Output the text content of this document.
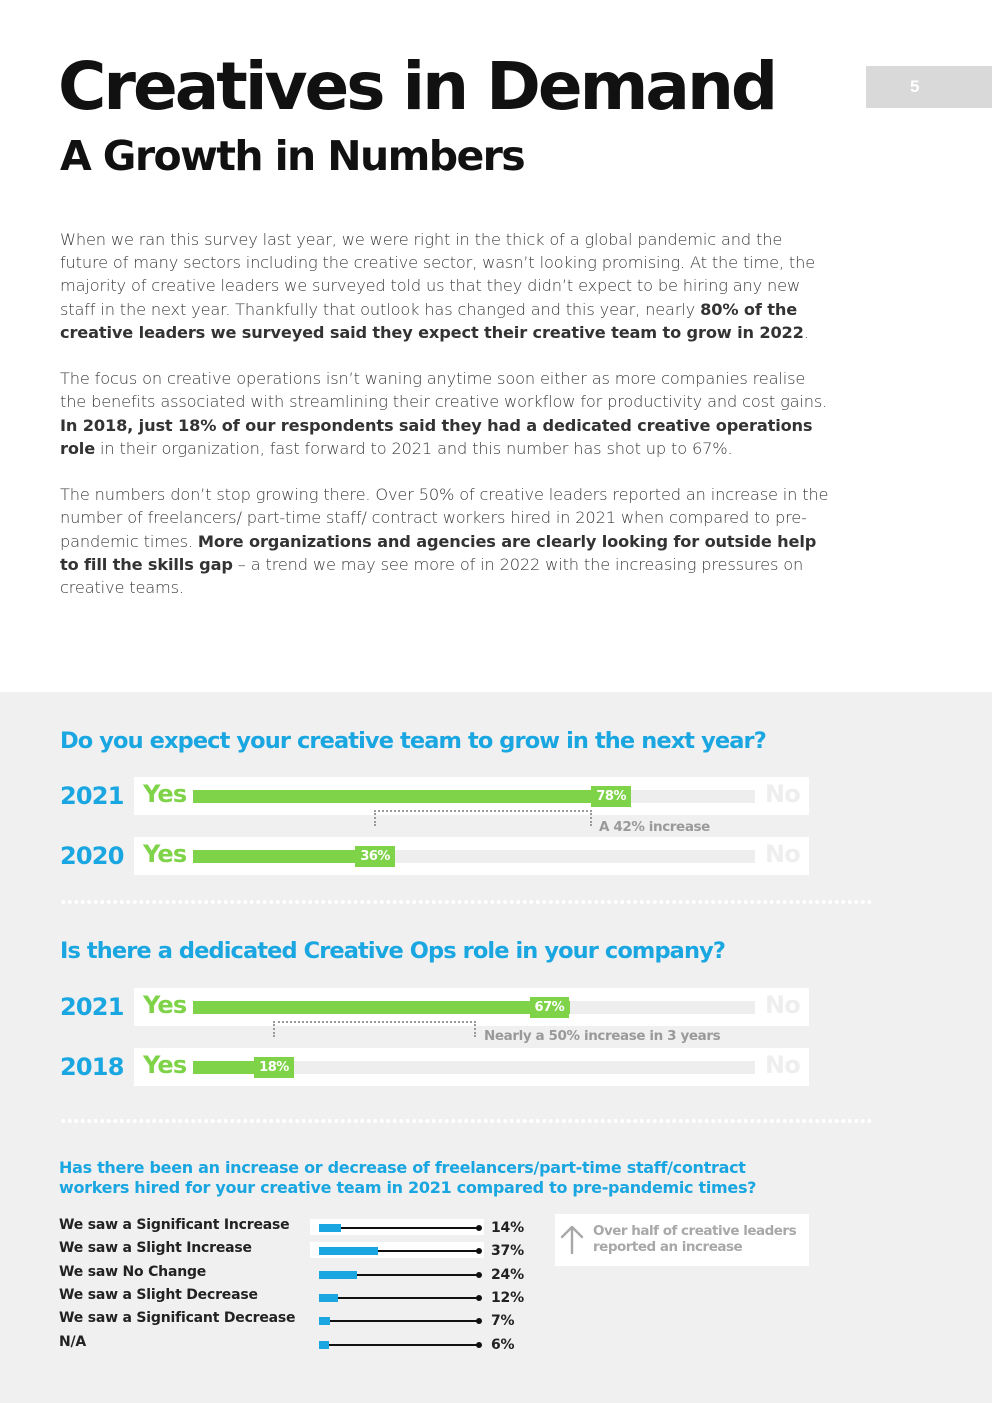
5
Creatives in Demand
A Growth in Numbers

When we ran this survey last year, we were right in the thick of a global pandemic and the future of many sectors including the creative sector, wasn’t looking promising. At the time, the majority of creative leaders we surveyed told us that they didn’t expect to be hiring any new staff in the next year. Thankfully that outlook has changed and this year, nearly 80% of the creative leaders we surveyed said they expect their creative team to grow in 2022.

The focus on creative operations isn’t waning anytime soon either as more companies realise the benefits associated with streamlining their creative workflow for productivity and cost gains. In 2018, just 18% of our respondents said they had a dedicated creative operations role in their organization, fast forward to 2021 and this number has shot up to 67%.

The numbers don’t stop growing there. Over 50% of creative leaders reported an increase in the number of freelancers/ part-time staff/ contract workers hired in 2021 when compared to pre-pandemic times. More organizations and agencies are clearly looking for outside help to fill the skills gap – a trend we may see more of in 2022 with the increasing pressures on creative teams.

Do you expect your creative team to grow in the next year?
2021 Yes	78%	No
A 42% increase
2020 Yes	36%	No
Is there a dedicated Creative Ops role in your company?
2021 Yes	67%	No
Nearly a 50% increase in 3 years
2018 Yes	18%	No
Has there been an increase or decrease of freelancers/part-time staff/contract workers hired for your creative team in 2021 compared to pre-pandemic times?
We saw a Significant Increase	14%
We saw a Slight Increase	37%
We saw No Change	24%
We saw a Slight Decrease	12%
We saw a Significant Decrease	7%
N/A	6%
Over half of creative leaders reported an increase
